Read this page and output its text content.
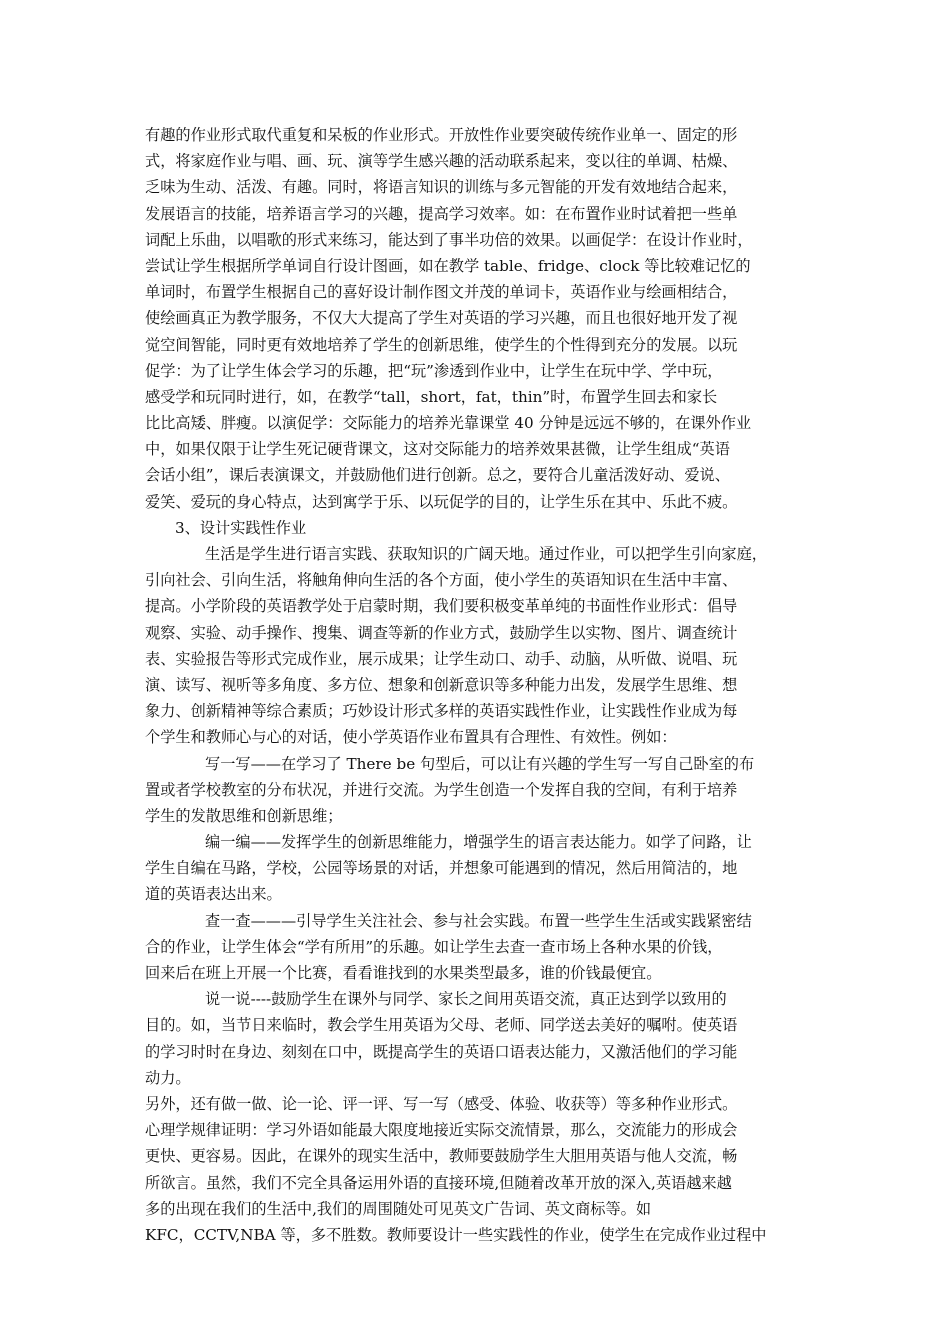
有趣的作业形式取代重复和呆板的作业形式。开放性作业要突破传统作业单一、固定的形
式，将家庭作业与唱、画、玩、演等学生感兴趣的活动联系起来，变以往的单调、枯燥、
乏味为生动、活泼、有趣。同时，将语言知识的训练与多元智能的开发有效地结合起来，
发展语言的技能，培养语言学习的兴趣，提高学习效率。如：在布置作业时试着把一些单
词配上乐曲，以唱歌的形式来练习，能达到了事半功倍的效果。以画促学：在设计作业时，
尝试让学生根据所学单词自行设计图画，如在教学 table、fridge、clock 等比较难记忆的
单词时，布置学生根据自己的喜好设计制作图文并茂的单词卡，英语作业与绘画相结合，
使绘画真正为教学服务，不仅大大提高了学生对英语的学习兴趣，而且也很好地开发了视
觉空间智能，同时更有效地培养了学生的创新思维，使学生的个性得到充分的发展。以玩
促学：为了让学生体会学习的乐趣，把“玩”渗透到作业中，让学生在玩中学、学中玩，
感受学和玩同时进行，如，在教学“tall，short，fat，thin”时，布置学生回去和家长
比比高矮、胖瘦。以演促学：交际能力的培养光靠课堂 40 分钟是远远不够的，在课外作业
中，如果仅限于让学生死记硬背课文，这对交际能力的培养效果甚微，让学生组成“英语
会话小组”，课后表演课文，并鼓励他们进行创新。总之，要符合儿童活泼好动、爱说、
爱笑、爱玩的身心特点，达到寓学于乐、以玩促学的目的，让学生乐在其中、乐此不疲。
3、设计实践性作业
生活是学生进行语言实践、获取知识的广阔天地。通过作业，可以把学生引向家庭，
引向社会、引向生活，将触角伸向生活的各个方面，使小学生的英语知识在生活中丰富、
提高。小学阶段的英语教学处于启蒙时期，我们要积极变革单纯的书面性作业形式：倡导
观察、实验、动手操作、搜集、调查等新的作业方式，鼓励学生以实物、图片、调查统计
表、实验报告等形式完成作业，展示成果；让学生动口、动手、动脑，从听做、说唱、玩
演、读写、视听等多角度、多方位、想象和创新意识等多种能力出发，发展学生思维、想
象力、创新精神等综合素质；巧妙设计形式多样的英语实践性作业，让实践性作业成为每
个学生和教师心与心的对话，使小学英语作业布置具有合理性、有效性。例如：
写一写——在学习了 There be 句型后，可以让有兴趣的学生写一写自己卧室的布
置或者学校教室的分布状况，并进行交流。为学生创造一个发挥自我的空间，有利于培养
学生的发散思维和创新思维；
编一编——发挥学生的创新思维能力，增强学生的语言表达能力。如学了问路，让
学生自编在马路，学校，公园等场景的对话，并想象可能遇到的情况，然后用简洁的，地
道的英语表达出来。
查一查———引导学生关注社会、参与社会实践。布置一些学生生活或实践紧密结
合的作业，让学生体会“学有所用”的乐趣。如让学生去查一查市场上各种水果的价钱，
回来后在班上开展一个比赛，看看谁找到的水果类型最多，谁的价钱最便宜。
说一说----鼓励学生在课外与同学、家长之间用英语交流，真正达到学以致用的
目的。如，当节日来临时，教会学生用英语为父母、老师、同学送去美好的嘱咐。使英语
的学习时时在身边、刻刻在口中，既提高学生的英语口语表达能力，又激活他们的学习能
动力。
另外，还有做一做、论一论、评一评、写一写（感受、体验、收获等）等多种作业形式。
心理学规律证明：学习外语如能最大限度地接近实际交流情景，那么，交流能力的形成会
更快、更容易。因此，在课外的现实生活中，教师要鼓励学生大胆用英语与他人交流，畅
所欲言。虽然，我们不完全具备运用外语的直接环境,但随着改革开放的深入,英语越来越
多的出现在我们的生活中,我们的周围随处可见英文广告词、英文商标等。如
KFC，CCTV,NBA 等，多不胜数。教师要设计一些实践性的作业，使学生在完成作业过程中
